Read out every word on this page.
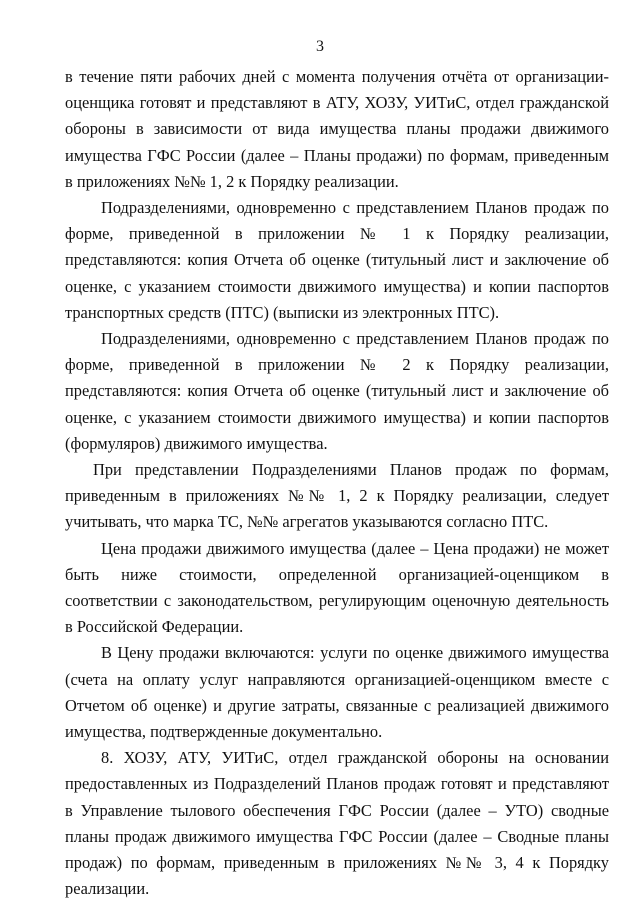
3

в течение пяти рабочих дней с момента получения отчёта от организации-оценщика готовят и представляют в АТУ, ХОЗУ, УИТиС, отдел гражданской обороны в зависимости от вида имущества планы продажи движимого имущества ГФС России (далее – Планы продажи) по формам, приведенным в приложениях №№ 1, 2 к Порядку реализации.

Подразделениями, одновременно с представлением Планов продаж по форме, приведенной в приложении № 1 к Порядку реализации, представляются: копия Отчета об оценке (титульный лист и заключение об оценке, с указанием стоимости движимого имущества) и копии паспортов транспортных средств (ПТС) (выписки из электронных ПТС).

Подразделениями, одновременно с представлением Планов продаж по форме, приведенной в приложении № 2 к Порядку реализации, представляются: копия Отчета об оценке (титульный лист и заключение об оценке, с указанием стоимости движимого имущества) и копии паспортов (формуляров) движимого имущества.

При представлении Подразделениями Планов продаж по формам, приведенным в приложениях №№ 1, 2 к Порядку реализации, следует учитывать, что марка ТС, №№ агрегатов указываются согласно ПТС.

Цена продажи движимого имущества (далее – Цена продажи) не может быть ниже стоимости, определенной организацией-оценщиком в соответствии с законодательством, регулирующим оценочную деятельность в Российской Федерации.

В Цену продажи включаются: услуги по оценке движимого имущества (счета на оплату услуг направляются организацией-оценщиком вместе с Отчетом об оценке) и другие затраты, связанные с реализацией движимого имущества, подтвержденные документально.

8. ХОЗУ, АТУ, УИТиС, отдел гражданской обороны на основании предоставленных из Подразделений Планов продаж готовят и представляют в Управление тылового обеспечения ГФС России (далее – УТО) сводные планы продаж движимого имущества ГФС России (далее – Сводные планы продаж) по формам, приведенным в приложениях №№ 3, 4 к Порядку реализации.
